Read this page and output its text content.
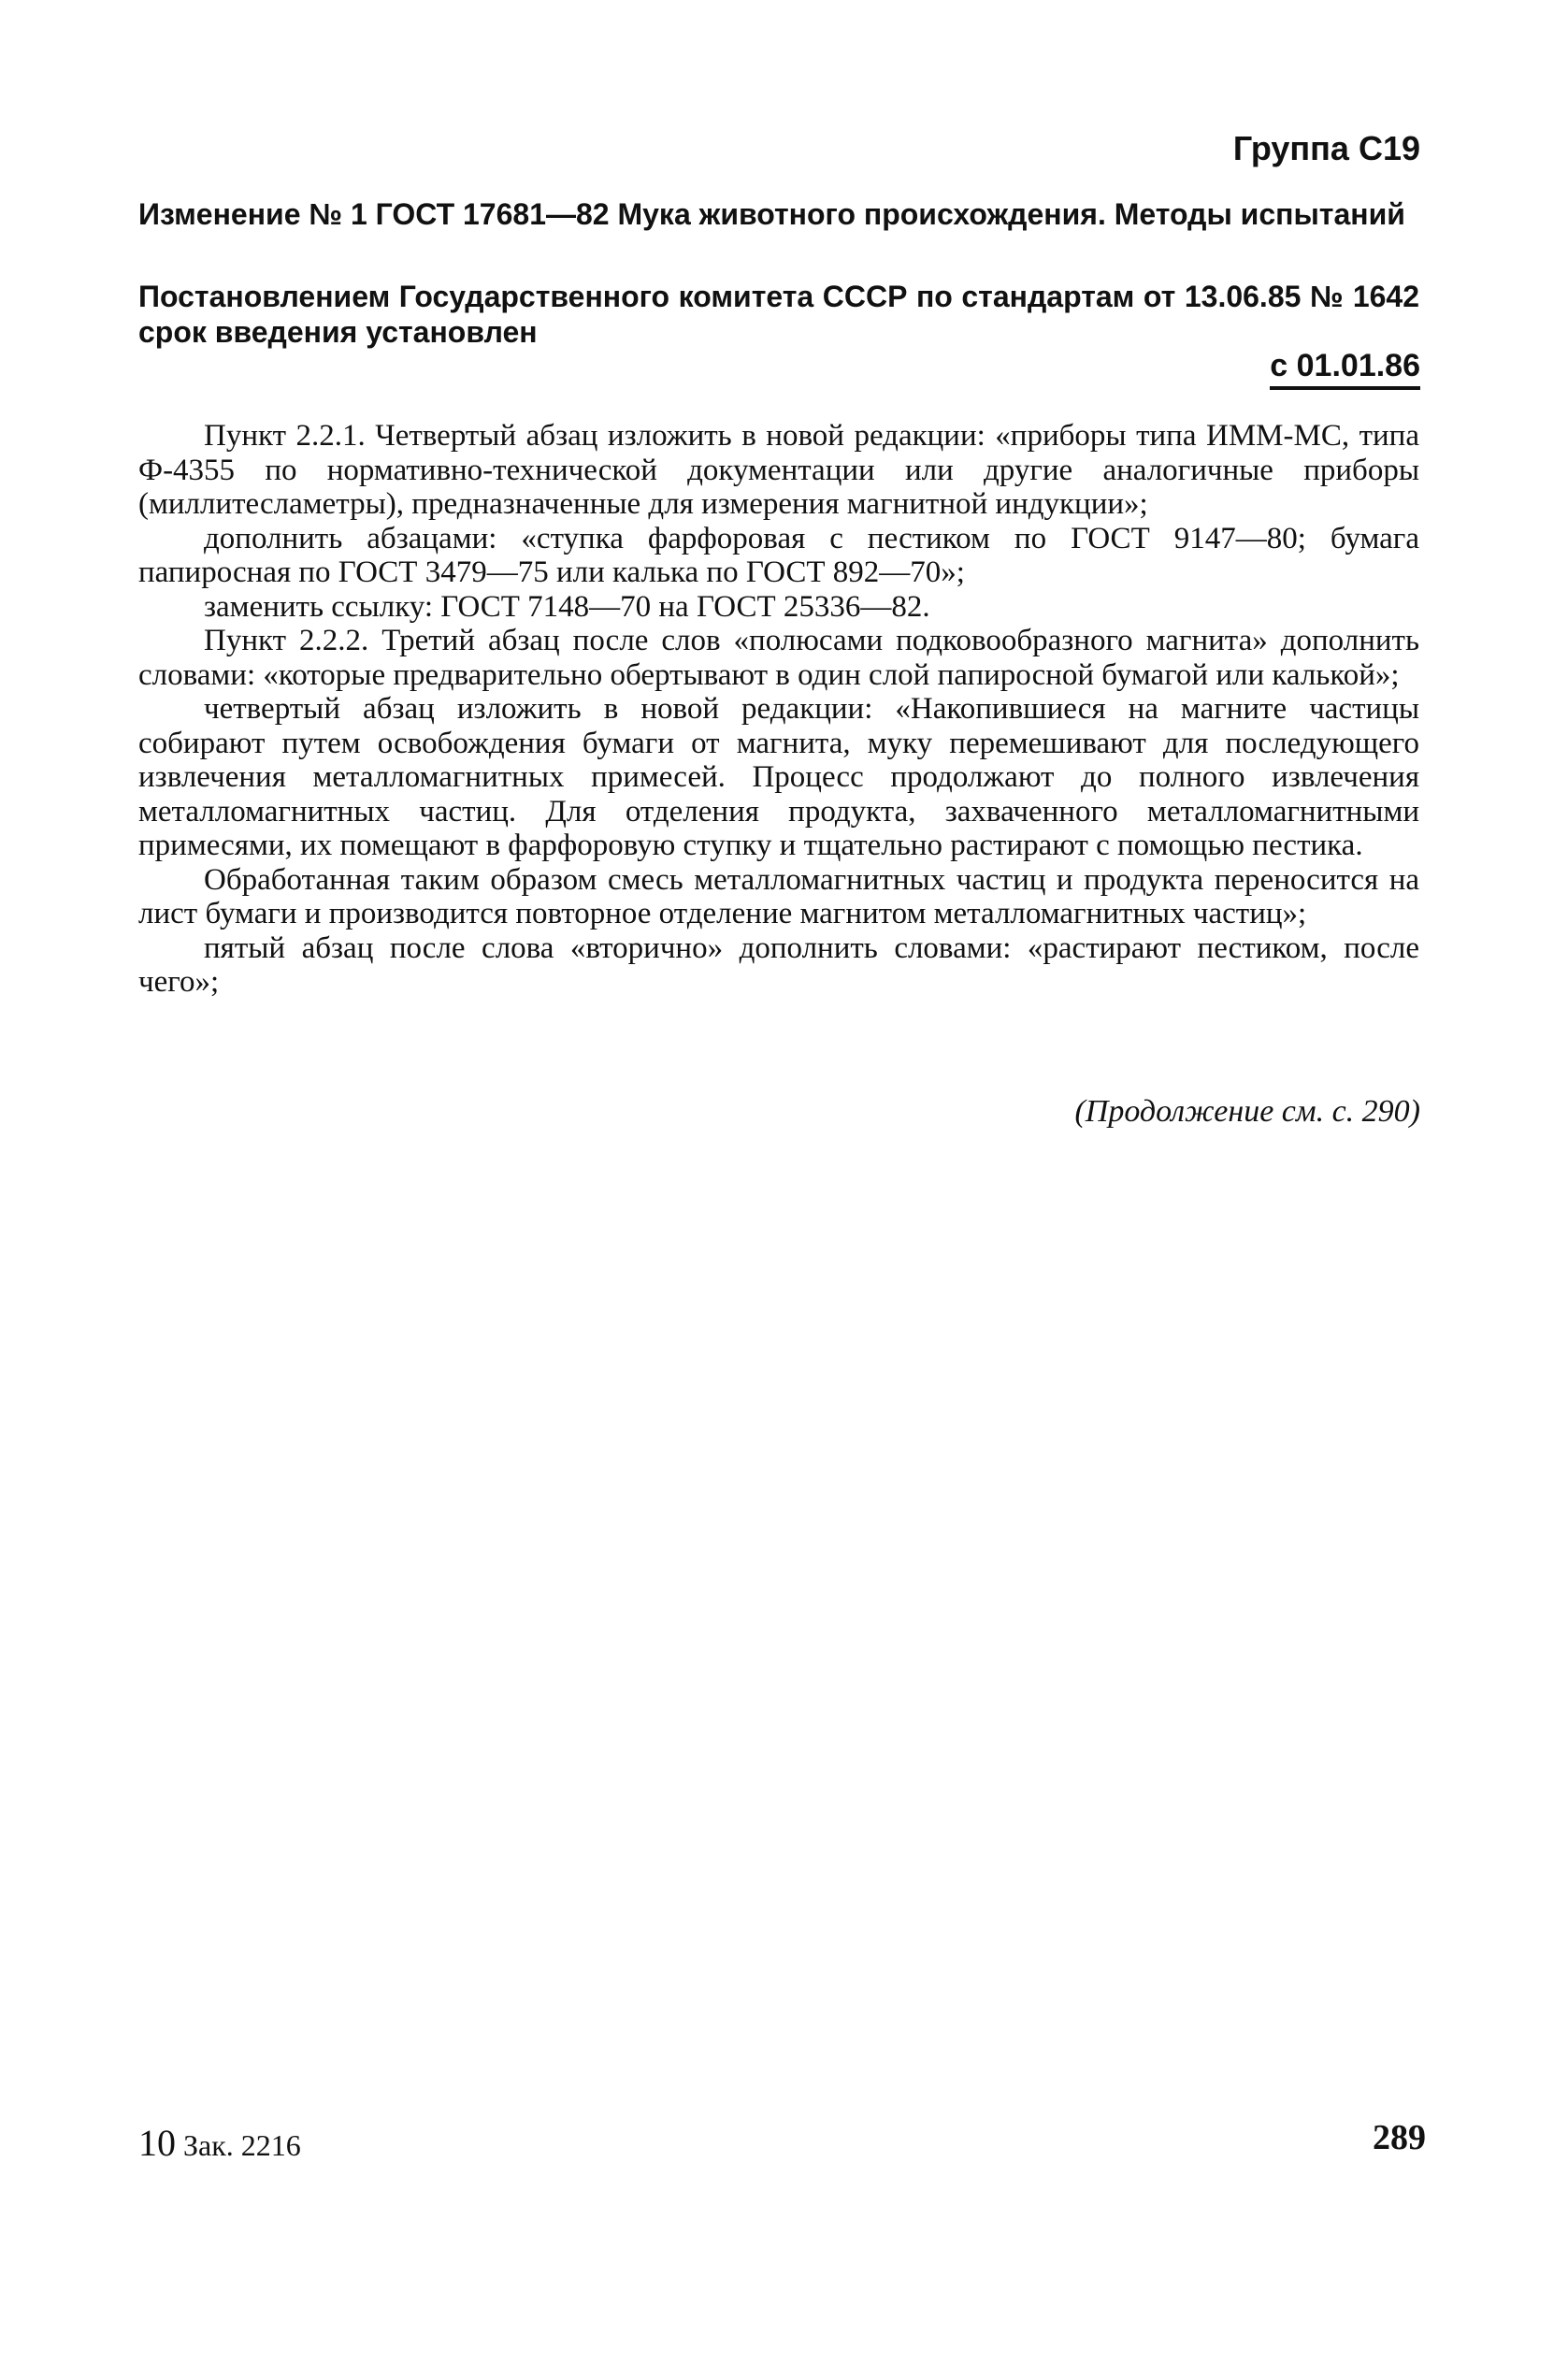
Группа С19
Изменение № 1 ГОСТ 17681—82 Мука животного происхождения. Методы испытаний
Постановлением Государственного комитета СССР по стандартам от 13.06.85 № 1642 срок введения установлен
с 01.01.86

Пункт 2.2.1. Четвертый абзац изложить в новой редакции: «приборы типа ИММ-МС, типа Ф-4355 по нормативно-технической документации или другие аналогичные приборы (миллитесламетры), предназначенные для измерения магнитной индукции»;

дополнить абзацами: «ступка фарфоровая с пестиком по ГОСТ 9147—80; бумага папиросная по ГОСТ 3479—75 или калька по ГОСТ 892—70»;

заменить ссылку: ГОСТ 7148—70 на ГОСТ 25336—82.

Пункт 2.2.2. Третий абзац после слов «полюсами подковообразного магнита» дополнить словами: «которые предварительно обертывают в один слой папиросной бумагой или калькой»;

четвертый абзац изложить в новой редакции: «Накопившиеся на магните частицы собирают путем освобождения бумаги от магнита, муку перемешивают для последующего извлечения металломагнитных примесей. Процесс продолжают до полного извлечения металломагнитных частиц. Для отделения продукта, захваченного металломагнитными примесями, их помещают в фарфоровую ступку и тщательно растирают с помощью пестика.

Обработанная таким образом смесь металломагнитных частиц и продукта переносится на лист бумаги и производится повторное отделение магнитом металломагнитных частиц»;

пятый абзац после слова «вторично» дополнить словами: «растирают пестиком, после чего»;

(Продолжение см. с. 290)
10 Зак. 2216	289
